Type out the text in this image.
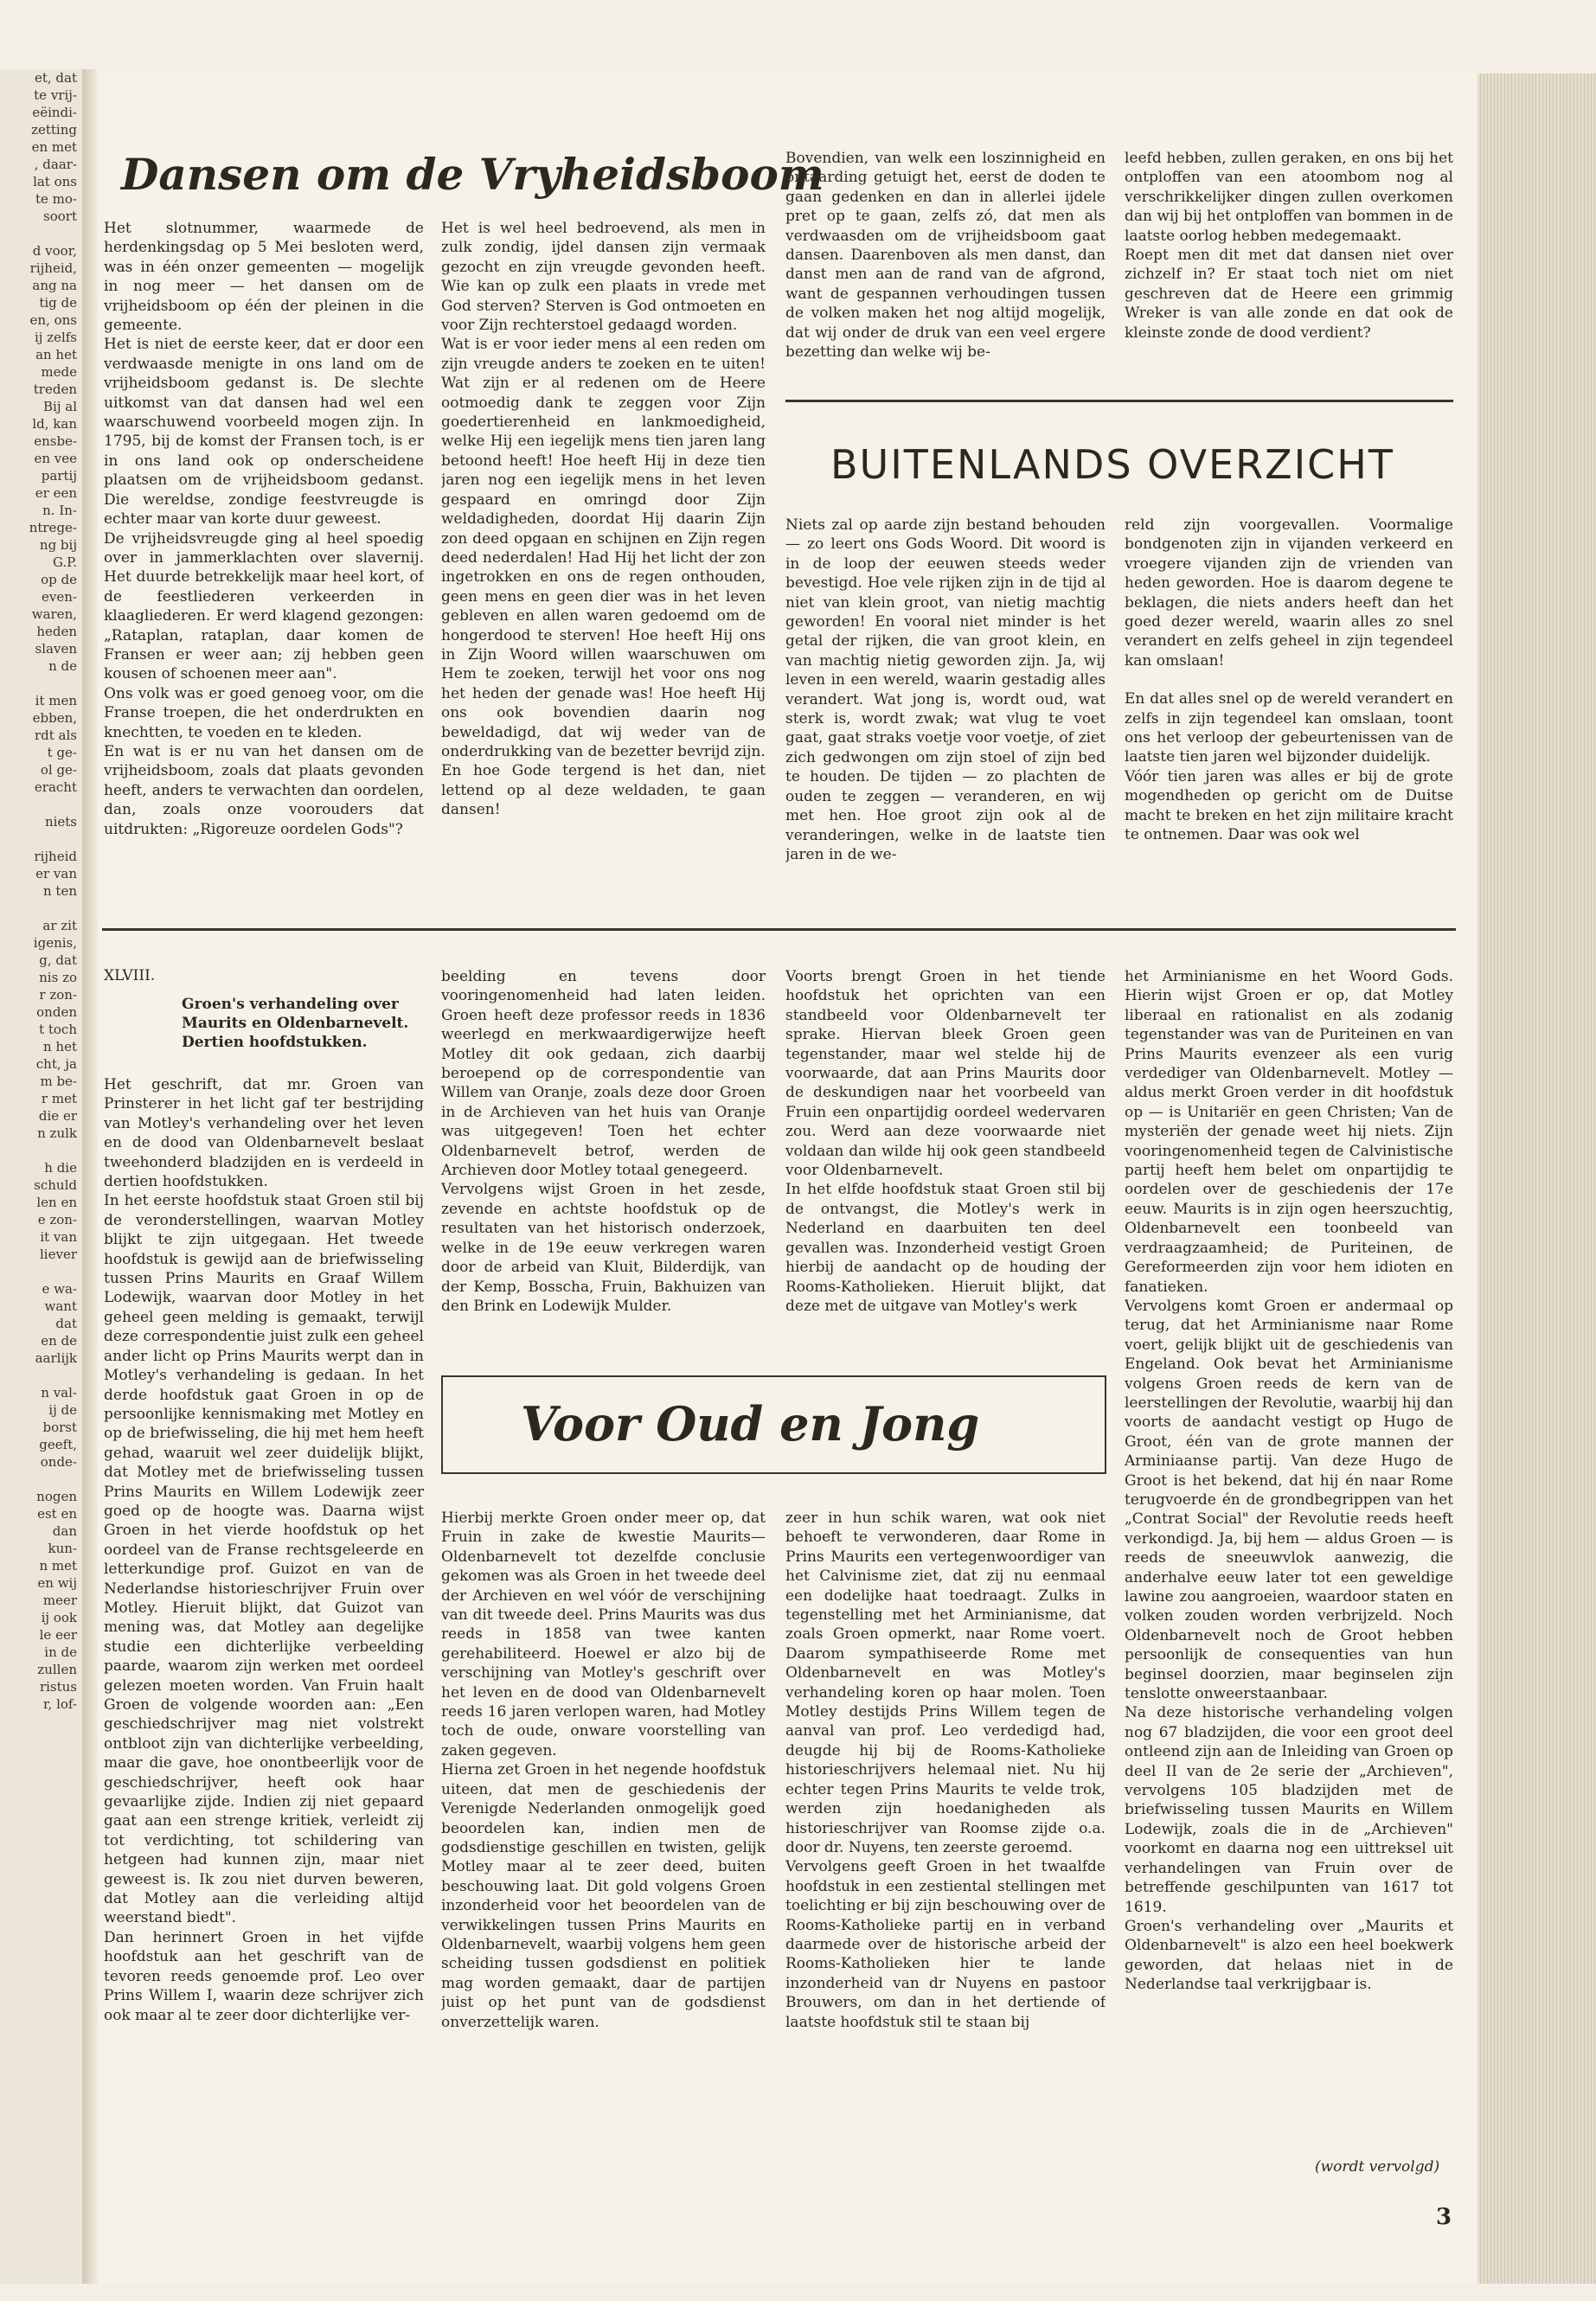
et, dat
te vrij-
eëindi-
zetting
en met
, daar-
lat ons
te mo-
soort

d voor,
rijheid,
ang na
tig de
en, ons
ij zelfs
an het
mede
treden
Bij al
ld, kan
ensbe-
en vee
partij
er een
n. In-
ntrege-
ng bij
G.P.
op de
even-
waren,
heden
slaven
n de

it men
ebben,
rdt als
t ge-
ol ge-
eracht

niets

rijheid
er van
n ten

ar zit
igenis,
g, dat
nis zo
r zon-
onden
t toch
n het
cht, ja
m be-
r met
die er
n zulk

h die
schuld
len en
e zon-
it van
liever

e wa-
want
dat
en de
aarlijk

n val-
ij de
borst
geeft,
onde-

nogen
est en
dan
kun-
n met
en wij
meer
ij ook
le eer
in de
zullen
ristus
r, lof-
Dansen om de Vryheidsboom

Het slotnummer, waarmede de herdenkingsdag op 5 Mei besloten werd, was in één onzer gemeenten — mogelijk in nog meer — het dansen om de vrijheidsboom op één der pleinen in die gemeente.

Het is niet de eerste keer, dat er door een verdwaasde menigte in ons land om de vrijheidsboom gedanst is. De slechte uitkomst van dat dansen had wel een waarschuwend voorbeeld mogen zijn. In 1795, bij de komst der Fransen toch, is er in ons land ook op onderscheidene plaatsen om de vrijheidsboom gedanst. Die wereldse, zondige feestvreugde is echter maar van korte duur geweest.

De vrijheidsvreugde ging al heel spoedig over in jammerklachten over slavernij. Het duurde betrekkelijk maar heel kort, of de feestliederen verkeerden in klaagliederen. Er werd klagend gezongen: „Rataplan, rataplan, daar komen de Fransen er weer aan; zij hebben geen kousen of schoenen meer aan".

Ons volk was er goed genoeg voor, om die Franse troepen, die het onderdrukten en knechtten, te voeden en te kleden.

En wat is er nu van het dansen om de vrijheidsboom, zoals dat plaats gevonden heeft, anders te verwachten dan oordelen, dan, zoals onze voorouders dat uitdrukten: „Rigoreuze oordelen Gods"?

Het is wel heel bedroevend, als men in zulk zondig, ijdel dansen zijn vermaak gezocht en zijn vreugde gevonden heeft. Wie kan op zulk een plaats in vrede met God sterven? Sterven is God ontmoeten en voor Zijn rechterstoel gedaagd worden.

Wat is er voor ieder mens al een reden om zijn vreugde anders te zoeken en te uiten! Wat zijn er al redenen om de Heere ootmoedig dank te zeggen voor Zijn goedertierenheid en lankmoedigheid, welke Hij een iegelijk mens tien jaren lang betoond heeft! Hoe heeft Hij in deze tien jaren nog een iegelijk mens in het leven gespaard en omringd door Zijn weldadigheden, doordat Hij daarin Zijn zon deed opgaan en schijnen en Zijn regen deed nederdalen! Had Hij het licht der zon ingetrokken en ons de regen onthouden, geen mens en geen dier was in het leven gebleven en allen waren gedoemd om de hongerdood te sterven! Hoe heeft Hij ons in Zijn Woord willen waarschuwen om Hem te zoeken, terwijl het voor ons nog het heden der genade was! Hoe heeft Hij ons ook bovendien daarin nog beweldadigd, dat wij weder van de onderdrukking van de bezetter bevrijd zijn.

En hoe Gode tergend is het dan, niet lettend op al deze weldaden, te gaan dansen!

Bovendien, van welk een loszinnigheid en ontaarding getuigt het, eerst de doden te gaan gedenken en dan in allerlei ijdele pret op te gaan, zelfs zó, dat men als verdwaasden om de vrijheidsboom gaat dansen. Daarenboven als men danst, dan danst men aan de rand van de afgrond, want de gespannen verhoudingen tussen de volken maken het nog altijd mogelijk, dat wij onder de druk van een veel ergere bezetting dan welke wij be-

leefd hebben, zullen geraken, en ons bij het ontploffen van een atoombom nog al verschrikkelijker dingen zullen overkomen dan wij bij het ontploffen van bommen in de laatste oorlog hebben medegemaakt.

Roept men dit met dat dansen niet over zichzelf in? Er staat toch niet om niet geschreven dat de Heere een grimmig Wreker is van alle zonde en dat ook de kleinste zonde de dood verdient?

BUITENLANDS OVERZICHT

Niets zal op aarde zijn bestand behouden — zo leert ons Gods Woord. Dit woord is in de loop der eeuwen steeds weder bevestigd. Hoe vele rijken zijn in de tijd al niet van klein groot, van nietig machtig geworden! En vooral niet minder is het getal der rijken, die van groot klein, en van machtig nietig geworden zijn. Ja, wij leven in een wereld, waarin gestadig alles verandert. Wat jong is, wordt oud, wat sterk is, wordt zwak; wat vlug te voet gaat, gaat straks voetje voor voetje, of ziet zich gedwongen om zijn stoel of zijn bed te houden. De tijden — zo plachten de ouden te zeggen — veranderen, en wij met hen. Hoe groot zijn ook al de veranderingen, welke in de laatste tien jaren in de we-

reld zijn voorgevallen. Voormalige bondgenoten zijn in vijanden verkeerd en vroegere vijanden zijn de vrienden van heden geworden. Hoe is daarom degene te beklagen, die niets anders heeft dan het goed dezer wereld, waarin alles zo snel verandert en zelfs geheel in zijn tegendeel kan omslaan!

En dat alles snel op de wereld verandert en zelfs in zijn tegendeel kan omslaan, toont ons het verloop der gebeurtenissen van de laatste tien jaren wel bijzonder duidelijk.

Vóór tien jaren was alles er bij de grote mogendheden op gericht om de Duitse macht te breken en het zijn militaire kracht te ontnemen. Daar was ook wel

XLVIII.
Groen's verhandeling over Maurits en Oldenbarnevelt. Dertien hoofdstukken.

Het geschrift, dat mr. Groen van Prinsterer in het licht gaf ter bestrijding van Motley's verhandeling over het leven en de dood van Oldenbarnevelt beslaat tweehonderd bladzijden en is verdeeld in dertien hoofdstukken.

In het eerste hoofdstuk staat Groen stil bij de veronderstellingen, waarvan Motley blijkt te zijn uitgegaan. Het tweede hoofdstuk is gewijd aan de briefwisseling tussen Prins Maurits en Graaf Willem Lodewijk, waarvan door Motley in het geheel geen melding is gemaakt, terwijl deze correspondentie juist zulk een geheel ander licht op Prins Maurits werpt dan in Motley's verhandeling is gedaan. In het derde hoofdstuk gaat Groen in op de persoonlijke kennismaking met Motley en op de briefwisseling, die hij met hem heeft gehad, waaruit wel zeer duidelijk blijkt, dat Motley met de briefwisseling tussen Prins Maurits en Willem Lodewijk zeer goed op de hoogte was. Daarna wijst Groen in het vierde hoofdstuk op het oordeel van de Franse rechtsgeleerde en letterkundige prof. Guizot en van de Nederlandse historieschrijver Fruin over Motley. Hieruit blijkt, dat Guizot van mening was, dat Motley aan degelijke studie een dichterlijke verbeelding paarde, waarom zijn werken met oordeel gelezen moeten worden. Van Fruin haalt Groen de volgende woorden aan: „Een geschiedschrijver mag niet volstrekt ontbloot zijn van dichterlijke verbeelding, maar die gave, hoe onontbeerlijk voor de geschiedschrijver, heeft ook haar gevaarlijke zijde. Indien zij niet gepaard gaat aan een strenge kritiek, verleidt zij tot verdichting, tot schildering van hetgeen had kunnen zijn, maar niet geweest is. Ik zou niet durven beweren, dat Motley aan die verleiding altijd weerstand biedt".

Dan herinnert Groen in het vijfde hoofdstuk aan het geschrift van de tevoren reeds genoemde prof. Leo over Prins Willem I, waarin deze schrijver zich ook maar al te zeer door dichterlijke ver-

beelding en tevens door vooringenomenheid had laten leiden. Groen heeft deze professor reeds in 1836 weerlegd en merkwaardigerwijze heeft Motley dit ook gedaan, zich daarbij beroepend op de correspondentie van Willem van Oranje, zoals deze door Groen in de Archieven van het huis van Oranje was uitgegeven! Toen het echter Oldenbarnevelt betrof, werden de Archieven door Motley totaal genegeerd.

Vervolgens wijst Groen in het zesde, zevende en achtste hoofdstuk op de resultaten van het historisch onderzoek, welke in de 19e eeuw verkregen waren door de arbeid van Kluit, Bilderdijk, van der Kemp, Bosscha, Fruin, Bakhuizen van den Brink en Lodewijk Mulder.

Voorts brengt Groen in het tiende hoofdstuk het oprichten van een standbeeld voor Oldenbarnevelt ter sprake. Hiervan bleek Groen geen tegenstander, maar wel stelde hij de voorwaarde, dat aan Prins Maurits door de deskundigen naar het voorbeeld van Fruin een onpartijdig oordeel wedervaren zou. Werd aan deze voorwaarde niet voldaan dan wilde hij ook geen standbeeld voor Oldenbarnevelt.

In het elfde hoofdstuk staat Groen stil bij de ontvangst, die Motley's werk in Nederland en daarbuiten ten deel gevallen was. Inzonderheid vestigt Groen hierbij de aandacht op de houding der Rooms-Katholieken. Hieruit blijkt, dat deze met de uitgave van Motley's werk

het Arminianisme en het Woord Gods. Hierin wijst Groen er op, dat Motley liberaal en rationalist en als zodanig tegenstander was van de Puriteinen en van Prins Maurits evenzeer als een vurig verdediger van Oldenbarnevelt. Motley — aldus merkt Groen verder in dit hoofdstuk op — is Unitariër en geen Christen; Van de mysteriën der genade weet hij niets. Zijn vooringenomenheid tegen de Calvinistische partij heeft hem belet om onpartijdig te oordelen over de geschiedenis der 17e eeuw. Maurits is in zijn ogen heerszuchtig, Oldenbarnevelt een toonbeeld van verdraagzaamheid; de Puriteinen, de Gereformeerden zijn voor hem idioten en fanatieken.

Vervolgens komt Groen er andermaal op terug, dat het Arminianisme naar Rome voert, gelijk blijkt uit de geschiedenis van Engeland. Ook bevat het Arminianisme volgens Groen reeds de kern van de leerstellingen der Revolutie, waarbij hij dan voorts de aandacht vestigt op Hugo de Groot, één van de grote mannen der Arminiaanse partij. Van deze Hugo de Groot is het bekend, dat hij én naar Rome terugvoerde én de grondbegrippen van het „Contrat Social" der Revolutie reeds heeft verkondigd. Ja, bij hem — aldus Groen — is reeds de sneeuwvlok aanwezig, die anderhalve eeuw later tot een geweldige lawine zou aangroeien, waardoor staten en volken zouden worden verbrijzeld. Noch Oldenbarnevelt noch de Groot hebben persoonlijk de consequenties van hun beginsel doorzien, maar beginselen zijn tenslotte onweerstaanbaar.

Na deze historische verhandeling volgen nog 67 bladzijden, die voor een groot deel ontleend zijn aan de Inleiding van Groen op deel II van de 2e serie der „Archieven", vervolgens 105 bladzijden met de briefwisseling tussen Maurits en Willem Lodewijk, zoals die in de „Archieven" voorkomt en daarna nog een uittreksel uit verhandelingen van Fruin over de betreffende geschilpunten van 1617 tot 1619.

Groen's verhandeling over „Maurits et Oldenbarnevelt" is alzo een heel boekwerk geworden, dat helaas niet in de Nederlandse taal verkrijgbaar is.

(wordt vervolgd)
Voor Oud en Jong

Hierbij merkte Groen onder meer op, dat Fruin in zake de kwestie Maurits—Oldenbarnevelt tot dezelfde conclusie gekomen was als Groen in het tweede deel der Archieven en wel vóór de verschijning van dit tweede deel. Prins Maurits was dus reeds in 1858 van twee kanten gerehabiliteerd. Hoewel er alzo bij de verschijning van Motley's geschrift over het leven en de dood van Oldenbarnevelt reeds 16 jaren verlopen waren, had Motley toch de oude, onware voorstelling van zaken gegeven.

Hierna zet Groen in het negende hoofdstuk uiteen, dat men de geschiedenis der Verenigde Nederlanden onmogelijk goed beoordelen kan, indien men de godsdienstige geschillen en twisten, gelijk Motley maar al te zeer deed, buiten beschouwing laat. Dit gold volgens Groen inzonderheid voor het beoordelen van de verwikkelingen tussen Prins Maurits en Oldenbarnevelt, waarbij volgens hem geen scheiding tussen godsdienst en politiek mag worden gemaakt, daar de partijen juist op het punt van de godsdienst onverzettelijk waren.

zeer in hun schik waren, wat ook niet behoeft te verwonderen, daar Rome in Prins Maurits een vertegenwoordiger van het Calvinisme ziet, dat zij nu eenmaal een dodelijke haat toedraagt. Zulks in tegenstelling met het Arminianisme, dat zoals Groen opmerkt, naar Rome voert. Daarom sympathiseerde Rome met Oldenbarnevelt en was Motley's verhandeling koren op haar molen. Toen Motley destijds Prins Willem tegen de aanval van prof. Leo verdedigd had, deugde hij bij de Rooms-Katholieke historieschrijvers helemaal niet. Nu hij echter tegen Prins Maurits te velde trok, werden zijn hoedanigheden als historieschrijver van Roomse zijde o.a. door dr. Nuyens, ten zeerste geroemd.

Vervolgens geeft Groen in het twaalfde hoofdstuk in een zestiental stellingen met toelichting er bij zijn beschouwing over de Rooms-Katholieke partij en in verband daarmede over de historische arbeid der Rooms-Katholieken hier te lande inzonderheid van dr Nuyens en pastoor Brouwers, om dan in het dertiende of laatste hoofdstuk stil te staan bij

3
